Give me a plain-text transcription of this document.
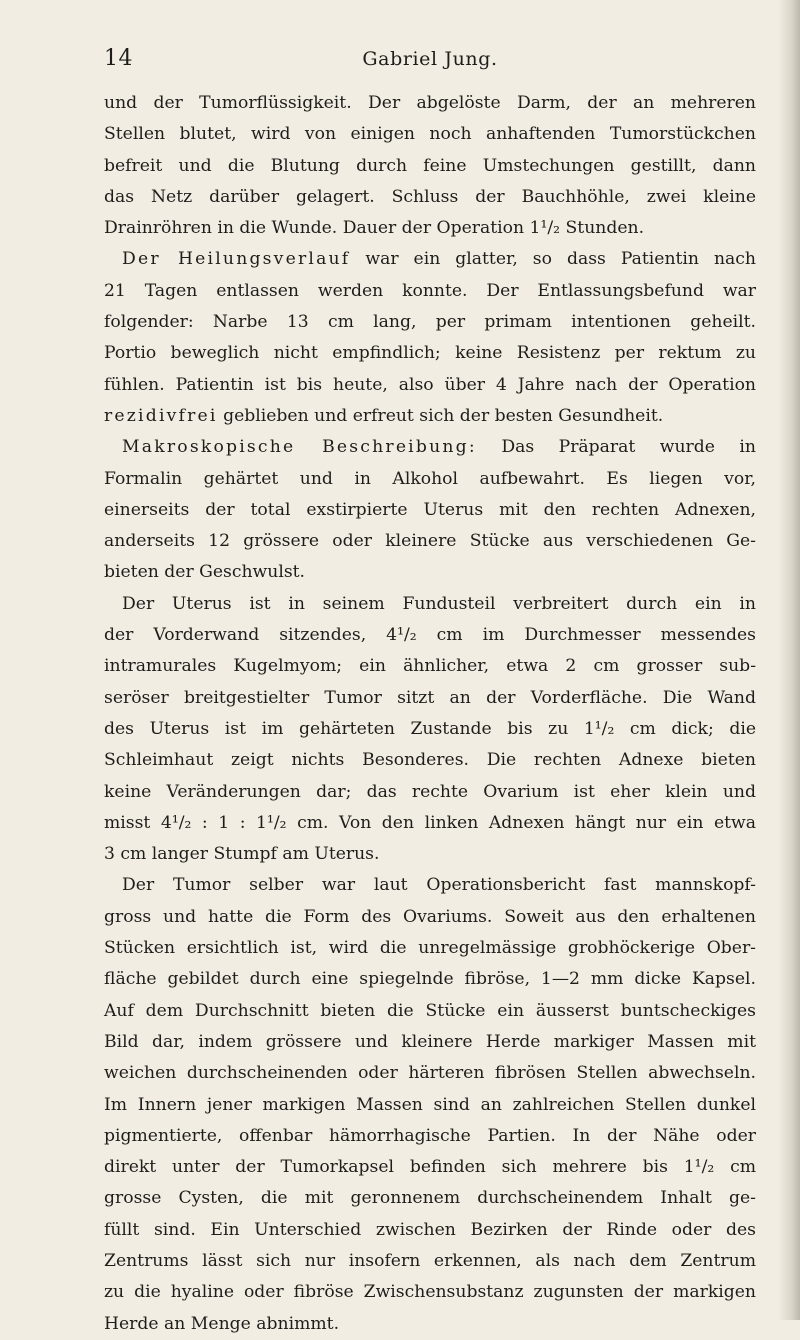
14	Gabriel Jung.
und der Tumorflüssigkeit. Der abgelöste Darm, der an mehreren
Stellen blutet, wird von einigen noch anhaftenden Tumorstückchen
befreit und die Blutung durch feine Umstechungen gestillt, dann
das Netz darüber gelagert. Schluss der Bauchhöhle, zwei kleine
Drainröhren in die Wunde. Dauer der Operation 1¹/₂ Stunden.
Der Heilungsverlauf war ein glatter, so dass Patientin nach
21 Tagen entlassen werden konnte. Der Entlassungsbefund war
folgender: Narbe 13 cm lang, per primam intentionen geheilt.
Portio beweglich nicht empfindlich; keine Resistenz per rektum zu
fühlen. Patientin ist bis heute, also über 4 Jahre nach der Operation
rezidivfrei geblieben und erfreut sich der besten Gesundheit.
Makroskopische Beschreibung: Das Präparat wurde in
Formalin gehärtet und in Alkohol aufbewahrt. Es liegen vor,
einerseits der total exstirpierte Uterus mit den rechten Adnexen,
anderseits 12 grössere oder kleinere Stücke aus verschiedenen Ge-
bieten der Geschwulst.
Der Uterus ist in seinem Fundusteil verbreitert durch ein in
der Vorderwand sitzendes, 4¹/₂ cm im Durchmesser messendes
intramurales Kugelmyom; ein ähnlicher, etwa 2 cm grosser sub-
seröser breitgestielter Tumor sitzt an der Vorderfläche. Die Wand
des Uterus ist im gehärteten Zustande bis zu 1¹/₂ cm dick; die
Schleimhaut zeigt nichts Besonderes. Die rechten Adnexe bieten
keine Veränderungen dar; das rechte Ovarium ist eher klein und
misst 4¹/₂ : 1 : 1¹/₂ cm. Von den linken Adnexen hängt nur ein etwa
3 cm langer Stumpf am Uterus.
Der Tumor selber war laut Operationsbericht fast mannskopf-
gross und hatte die Form des Ovariums. Soweit aus den erhaltenen
Stücken ersichtlich ist, wird die unregelmässige grobhöckerige Ober-
fläche gebildet durch eine spiegelnde fibröse, 1—2 mm dicke Kapsel.
Auf dem Durchschnitt bieten die Stücke ein äusserst buntscheckiges
Bild dar, indem grössere und kleinere Herde markiger Massen mit
weichen durchscheinenden oder härteren fibrösen Stellen abwechseln.
Im Innern jener markigen Massen sind an zahlreichen Stellen dunkel
pigmentierte, offenbar hämorrhagische Partien. In der Nähe oder
direkt unter der Tumorkapsel befinden sich mehrere bis 1¹/₂ cm
grosse Cysten, die mit geronnenem durchscheinendem Inhalt ge-
füllt sind. Ein Unterschied zwischen Bezirken der Rinde oder des
Zentrums lässt sich nur insofern erkennen, als nach dem Zentrum
zu die hyaline oder fibröse Zwischensubstanz zugunsten der markigen
Herde an Menge abnimmt.
